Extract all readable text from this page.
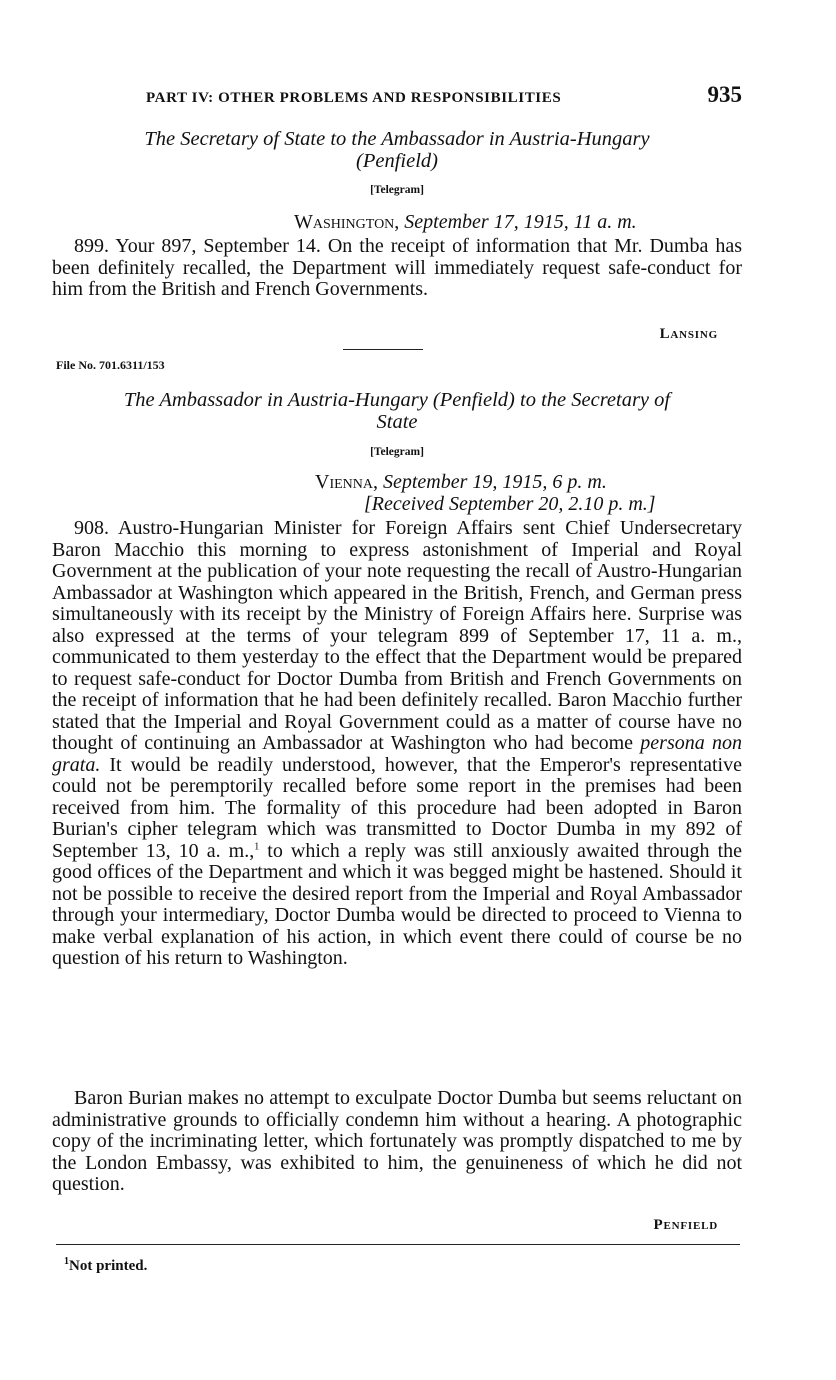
PART IV: OTHER PROBLEMS AND RESPONSIBILITIES	935

The Secretary of State to the Ambassador in Austria-Hungary

(Penfield)

[Telegram]

Washington, September 17, 1915, 11 a. m.

899. Your 897, September 14. On the receipt of information that Mr. Dumba has been definitely recalled, the Department will immediately request safe-conduct for him from the British and French Governments.

Lansing
File No. 701.6311/153

The Ambassador in Austria-Hungary (Penfield) to the Secretary of

State

[Telegram]

Vienna, September 19, 1915, 6 p. m.
[Received September 20, 2.10 p. m.]

908. Austro-Hungarian Minister for Foreign Affairs sent Chief Undersecretary Baron Macchio this morning to express astonishment of Imperial and Royal Government at the publication of your note requesting the recall of Austro-Hungarian Ambassador at Washington which appeared in the British, French, and German press simultaneously with its receipt by the Ministry of Foreign Affairs here. Surprise was also expressed at the terms of your telegram 899 of September 17, 11 a. m., communicated to them yesterday to the effect that the Department would be prepared to request safe-conduct for Doctor Dumba from British and French Governments on the receipt of information that he had been definitely recalled. Baron Macchio further stated that the Imperial and Royal Government could as a matter of course have no thought of continuing an Ambassador at Washington who had become persona non grata. It would be readily understood, however, that the Emperor's representative could not be peremptorily recalled before some report in the premises had been received from him. The formality of this procedure had been adopted in Baron Burian's cipher telegram which was transmitted to Doctor Dumba in my 892 of September 13, 10 a. m.,$^1$ to which a reply was still anxiously awaited through the good offices of the Department and which it was begged might be hastened. Should it not be possible to receive the desired report from the Imperial and Royal Ambassador through your intermediary, Doctor Dumba would be directed to proceed to Vienna to make verbal explanation of his action, in which event there could of course be no question of his return to Washington.

Baron Burian makes no attempt to exculpate Doctor Dumba but seems reluctant on administrative grounds to officially condemn him without a hearing. A photographic copy of the incriminating letter, which fortunately was promptly dispatched to me by the London Embassy, was exhibited to him, the genuineness of which he did not question.

Penfield
$^1$Not printed.
